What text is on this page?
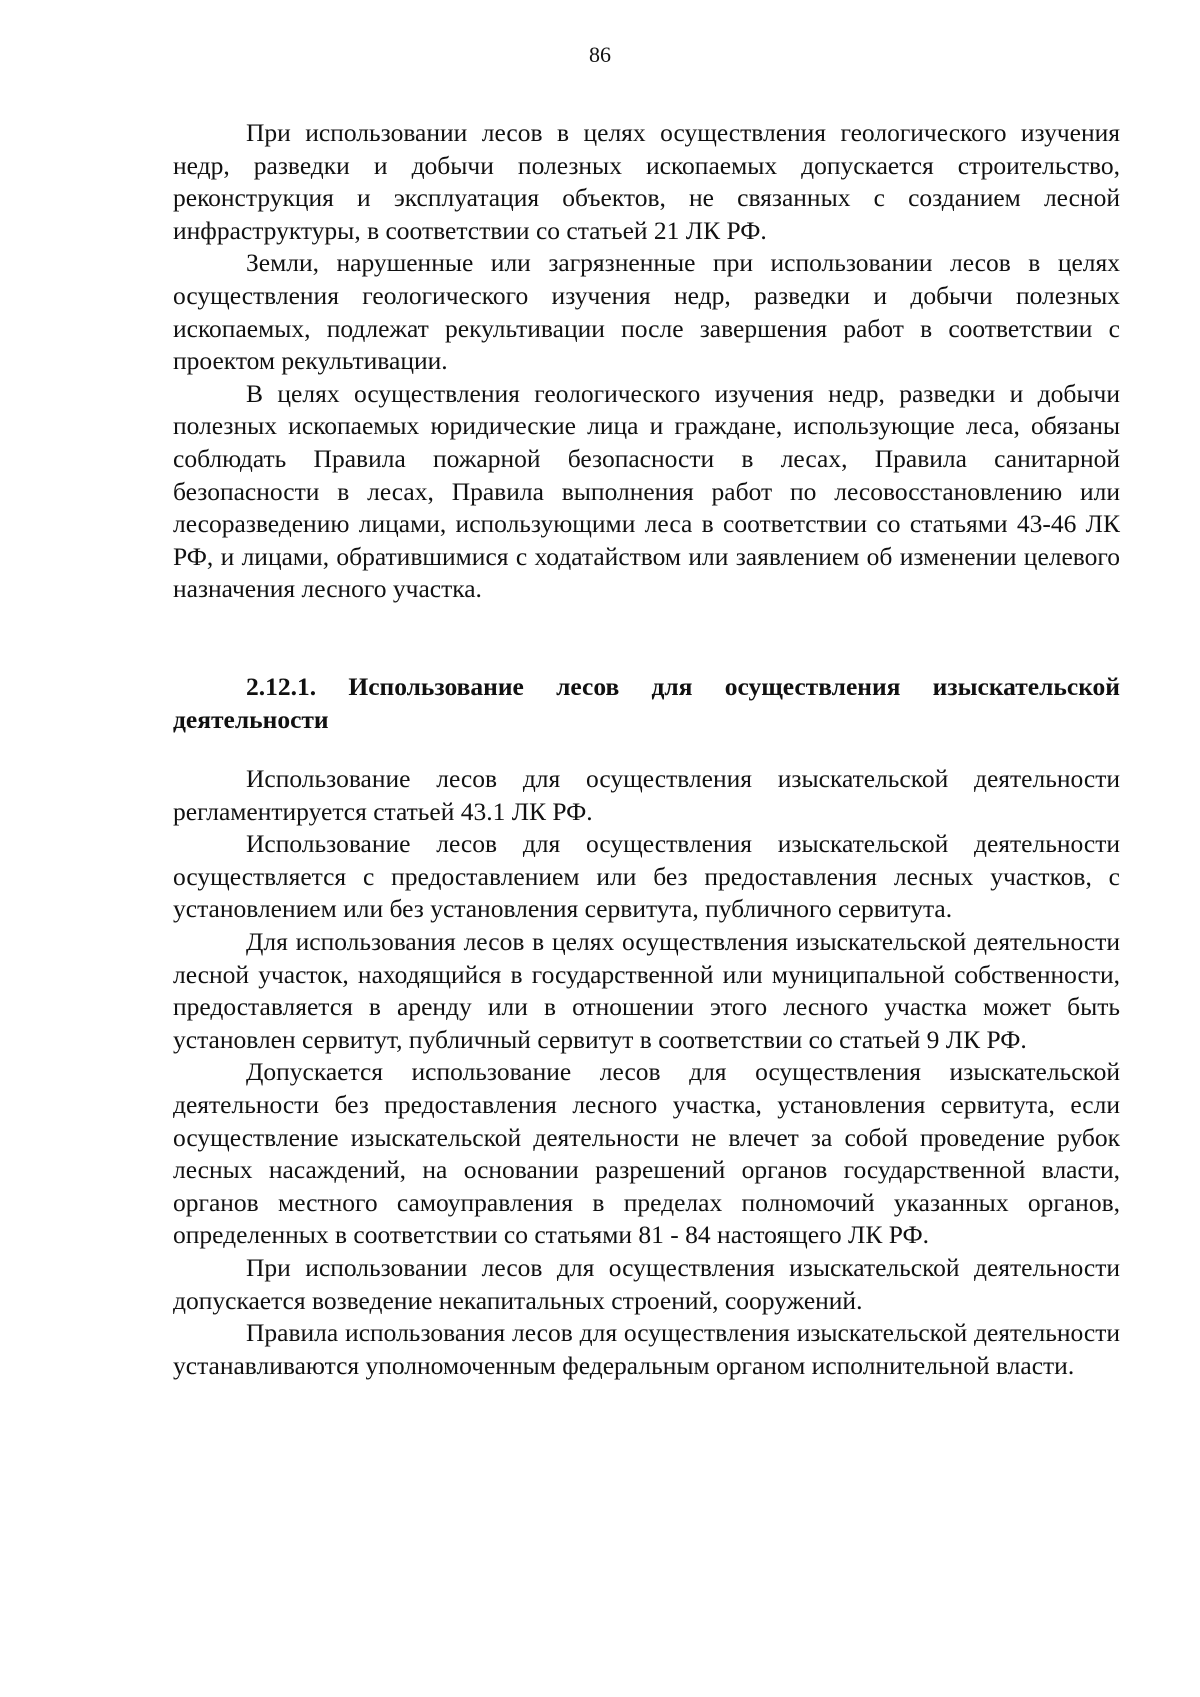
86

При использовании лесов в целях осуществления геологического изучения недр, разведки и добычи полезных ископаемых допускается строительство, реконструкция и эксплуатация объектов, не связанных с созданием лесной инфраструктуры, в соответствии со статьей 21 ЛК РФ.

Земли, нарушенные или загрязненные при использовании лесов в целях осуществления геологического изучения недр, разведки и добычи полезных ископаемых, подлежат рекультивации после завершения работ в соответствии с проектом рекультивации.

В целях осуществления геологического изучения недр, разведки и добычи полезных ископаемых юридические лица и граждане, использующие леса, обязаны соблюдать Правила пожарной безопасности в лесах, Правила санитарной безопасности в лесах, Правила выполнения работ по лесовосстановлению или лесоразведению лицами, использующими леса в соответствии со статьями 43-46 ЛК РФ, и лицами, обратившимися с ходатайством или заявлением об изменении целевого назначения лесного участка.

2.12.1. Использование лесов для осуществления изыскательской деятельности

Использование лесов для осуществления изыскательской деятельности регламентируется статьей 43.1 ЛК РФ.

Использование лесов для осуществления изыскательской деятельности осуществляется с предоставлением или без предоставления лесных участков, с установлением или без установления сервитута, публичного сервитута.

Для использования лесов в целях осуществления изыскательской деятельности лесной участок, находящийся в государственной или муниципальной собственности, предоставляется в аренду или в отношении этого лесного участка может быть установлен сервитут, публичный сервитут в соответствии со статьей 9 ЛК РФ.

Допускается использование лесов для осуществления изыскательской деятельности без предоставления лесного участка, установления сервитута, если осуществление изыскательской деятельности не влечет за собой проведение рубок лесных насаждений, на основании разрешений органов государственной власти, органов местного самоуправления в пределах полномочий указанных органов, определенных в соответствии со статьями 81 - 84 настоящего ЛК РФ.

При использовании лесов для осуществления изыскательской деятельности допускается возведение некапитальных строений, сооружений.

Правила использования лесов для осуществления изыскательской деятельности устанавливаются уполномоченным федеральным органом исполнительной власти.
